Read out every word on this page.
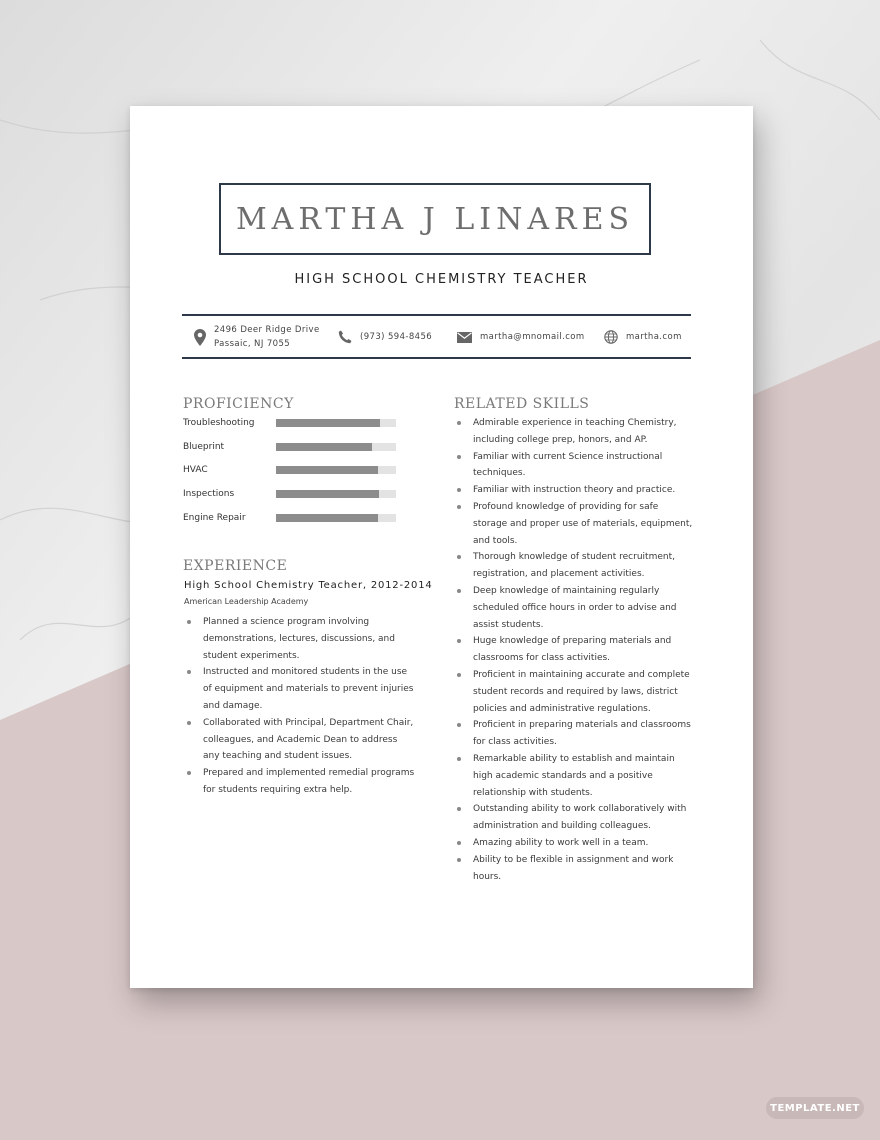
MARTHA J LINARES
HIGH SCHOOL CHEMISTRY TEACHER
2496 Deer Ridge Drive
Passaic, NJ 7055
(973) 594-8456	martha@mnomail.com	martha.com
PROFICIENCY
Troubleshooting
Blueprint
HVAC
Inspections
Engine Repair
EXPERIENCE
High School Chemistry Teacher, 2012-2014
American Leadership Academy
Planned a science program involving demonstrations, lectures, discussions, and student experiments.
Instructed and monitored students in the use of equipment and materials to prevent injuries and damage.
Collaborated with Principal, Department Chair, colleagues, and Academic Dean to address any teaching and student issues.
Prepared and implemented remedial programs for students requiring extra help.
RELATED SKILLS
Admirable experience in teaching Chemistry, including college prep, honors, and AP.
Familiar with current Science instructional techniques.
Familiar with instruction theory and practice.
Profound knowledge of providing for safe storage and proper use of materials, equipment, and tools.
Thorough knowledge of student recruitment, registration, and placement activities.
Deep knowledge of maintaining regularly scheduled office hours in order to advise and assist students.
Huge knowledge of preparing materials and classrooms for class activities.
Proficient in maintaining accurate and complete student records and required by laws, district policies and administrative regulations.
Proficient in preparing materials and classrooms for class activities.
Remarkable ability to establish and maintain high academic standards and a positive relationship with students.
Outstanding ability to work collaboratively with administration and building colleagues.
Amazing ability to work well in a team.
Ability to be flexible in assignment and work hours.
TEMPLATE.NET
